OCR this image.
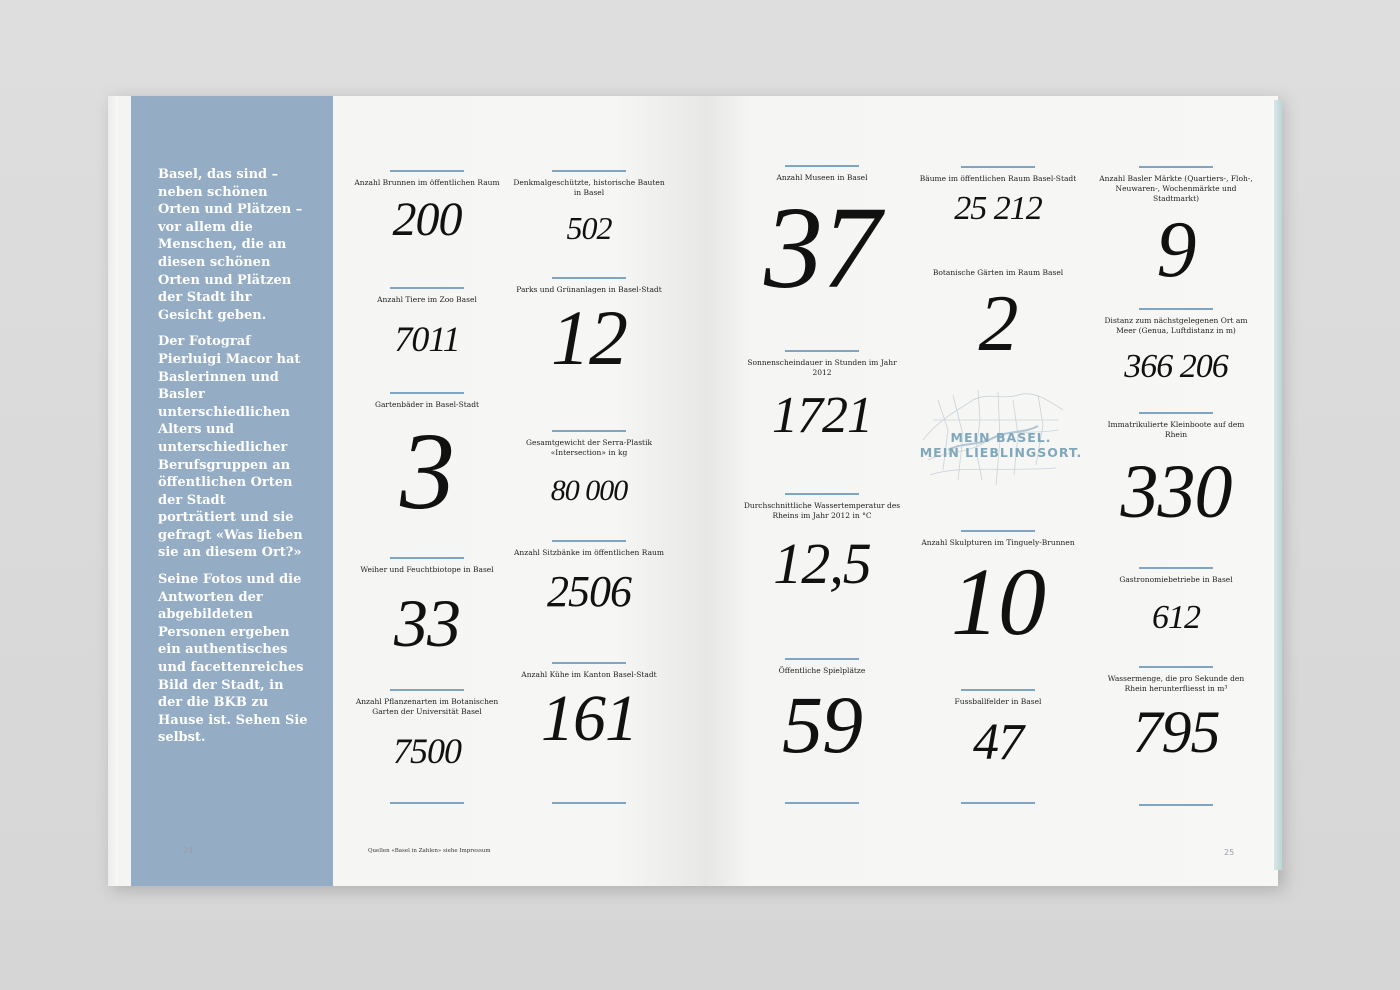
Basel, das sind – neben schönen Orten und Plätzen – vor allem die Menschen, die an diesen schönen Orten und Plätzen der Stadt ihr Gesicht geben.

Der Fotograf Pierluigi Macor hat Baslerinnen und Basler unterschiedlichen Alters und unterschiedlicher Berufsgruppen an öffentlichen Orten der Stadt porträtiert und sie gefragt «Was lieben sie an diesem Ort?»

Seine Fotos und die Antworten der abgebildeten Personen ergeben ein authentisches und facettenreiches Bild der Stadt, in der die BKB zu Hause ist. Sehen Sie selbst.

24	25
Quellen «Basel in Zahlen» siehe Impressum
Anzahl Brunnen im öffentlichen Raum
200
Anzahl Tiere im Zoo Basel
7011
Gartenbäder in Basel-Stadt
3
Weiher und Feuchtbiotope in Basel
33
Anzahl Pflanzenarten im Botanischen Garten der Universität Basel
7500
Denkmalgeschützte, historische Bauten in Basel
502
Parks und Grünanlagen in Basel-Stadt
12
Gesamtgewicht der Serra-Plastik «Intersection» in kg
80 000
Anzahl Sitzbänke im öffentlichen Raum
2506
Anzahl Kühe im Kanton Basel-Stadt
161
Anzahl Museen in Basel
37
Sonnenscheindauer in Stunden im Jahr 2012
1721
Durchschnittliche Wassertemperatur des Rheins im Jahr 2012 in °C
12,5
Öffentliche Spielplätze
59
Bäume im öffentlichen Raum Basel-Stadt
25 212
Botanische Gärten im Raum Basel
2
Anzahl Skulpturen im Tinguely-Brunnen
10
Fussballfelder in Basel
47
Anzahl Basler Märkte (Quartiers-, Floh-, Neuwaren-, Wochenmärkte und Stadtmarkt)
9
Distanz zum nächstgelegenen Ort am Meer (Genua, Luftdistanz in m)
366 206
Immatrikulierte Kleinboote auf dem Rhein
330
Gastronomiebetriebe in Basel
612
Wassermenge, die pro Sekunde den Rhein herunterfliesst in m³
795
MEIN BASEL.
MEIN LIEBLINGSORT.
